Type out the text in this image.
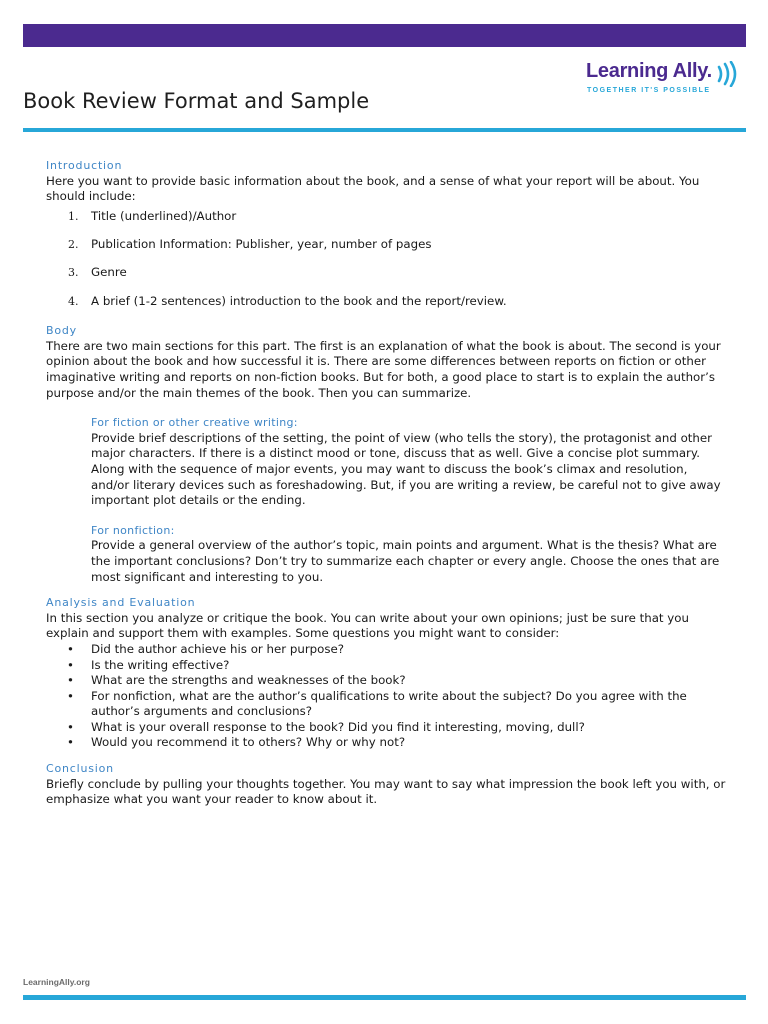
Learning Ally.
TOGETHER IT'S POSSIBLE
Book Review Format and Sample

Introduction

Here you want to provide basic information about the book, and a sense of what your report will be about. You should include:

1. Title (underlined)/Author
2. Publication Information: Publisher, year, number of pages
3. Genre
4. A brief (1-2 sentences) introduction to the book and the report/review.

Body

There are two main sections for this part. The first is an explanation of what the book is about. The second is your opinion about the book and how successful it is. There are some differences between reports on fiction or other imaginative writing and reports on non-fiction books. But for both, a good place to start is to explain the author’s purpose and/or the main themes of the book. Then you can summarize.

For fiction or other creative writing:

Provide brief descriptions of the setting, the point of view (who tells the story), the protagonist and other major characters. If there is a distinct mood or tone, discuss that as well. Give a concise plot summary. Along with the sequence of major events, you may want to discuss the book’s climax and resolution, and/or literary devices such as foreshadowing. But, if you are writing a review, be careful not to give away important plot details or the ending.

For nonfiction:

Provide a general overview of the author’s topic, main points and argument. What is the thesis? What are the important conclusions? Don’t try to summarize each chapter or every angle. Choose the ones that are most significant and interesting to you.

Analysis and Evaluation

In this section you analyze or critique the book. You can write about your own opinions; just be sure that you explain and support them with examples. Some questions you might want to consider:

• Did the author achieve his or her purpose?
• Is the writing effective?
• What are the strengths and weaknesses of the book?
• For nonfiction, what are the author’s qualifications to write about the subject? Do you agree with the author’s arguments and conclusions?
• What is your overall response to the book? Did you find it interesting, moving, dull?
• Would you recommend it to others? Why or why not?

Conclusion

Briefly conclude by pulling your thoughts together. You may want to say what impression the book left you with, or emphasize what you want your reader to know about it.

LearningAlly.org
